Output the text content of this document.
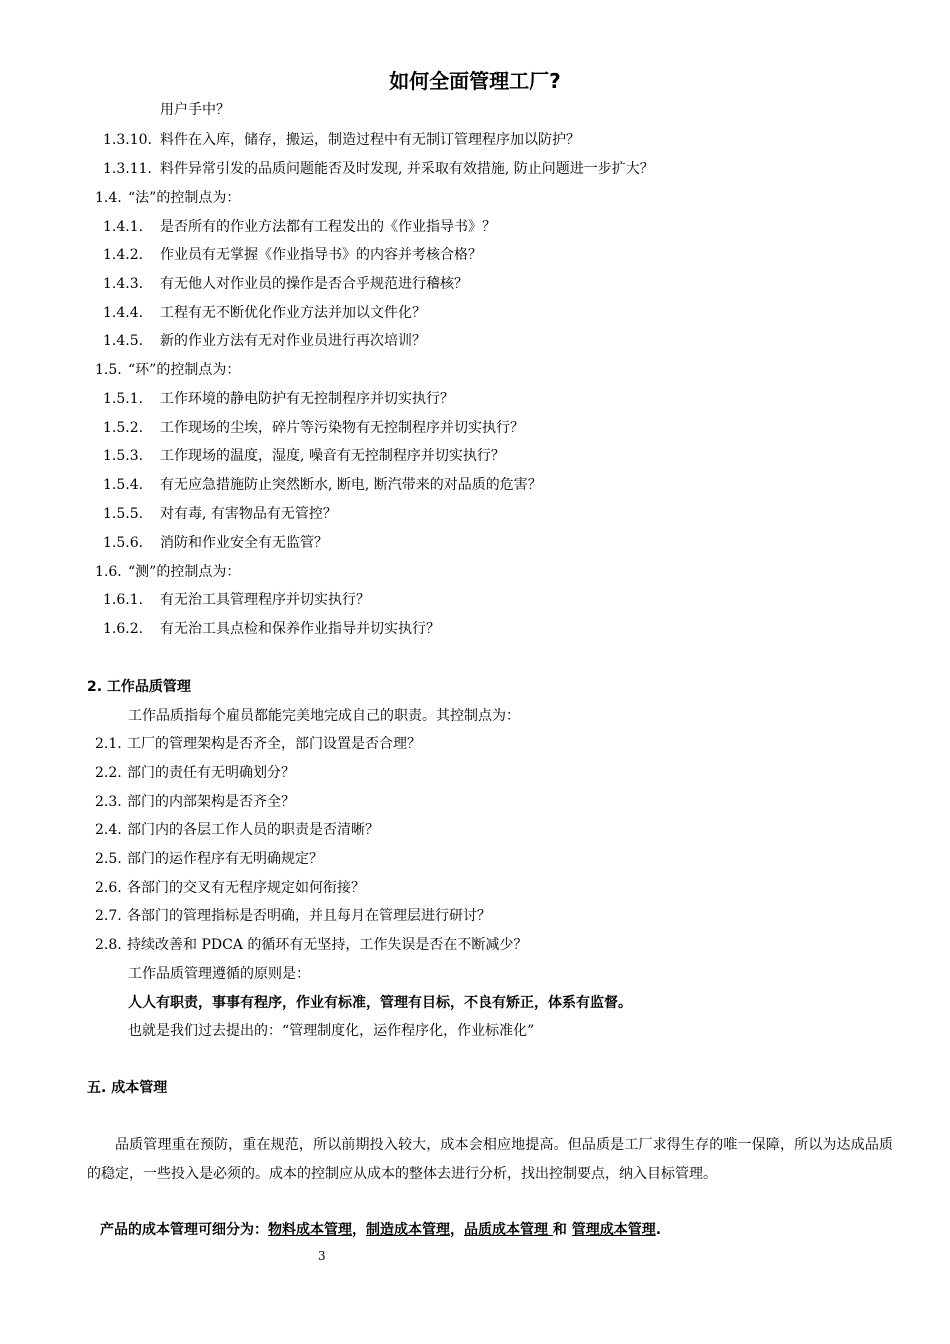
如何全面管理工厂?
用户手中？
1.3.10. 料件在入库，储存，搬运，制造过程中有无制订管理程序加以防护？
1.3.11. 料件异常引发的品质问题能否及时发现, 并采取有效措施, 防止问题进一步扩大？
1.4. “法”的控制点为：
1.4.1. 是否所有的作业方法都有工程发出的《作业指导书》？
1.4.2. 作业员有无掌握《作业指导书》的内容并考核合格？
1.4.3. 有无他人对作业员的操作是否合乎规范进行稽核？
1.4.4. 工程有无不断优化作业方法并加以文件化？
1.4.5. 新的作业方法有无对作业员进行再次培训？
1.5. “环”的控制点为：
1.5.1. 工作环境的静电防护有无控制程序并切实执行？
1.5.2. 工作现场的尘埃，碎片等污染物有无控制程序并切实执行？
1.5.3. 工作现场的温度，湿度, 噪音有无控制程序并切实执行？
1.5.4. 有无应急措施防止突然断水, 断电, 断汽带来的对品质的危害？
1.5.5. 对有毒, 有害物品有无管控？
1.5.6. 消防和作业安全有无监管？
1.6. “测”的控制点为：
1.6.1. 有无治工具管理程序并切实执行？
1.6.2. 有无治工具点检和保养作业指导并切实执行？
2. 工作品质管理
工作品质指每个雇员都能完美地完成自己的职责。其控制点为：
2.1. 工厂的管理架构是否齐全，部门设置是否合理？
2.2. 部门的责任有无明确划分？
2.3. 部门的内部架构是否齐全？
2.4. 部门内的各层工作人员的职责是否清晰？
2.5. 部门的运作程序有无明确规定？
2.6. 各部门的交叉有无程序规定如何衔接？
2.7. 各部门的管理指标是否明确，并且每月在管理层进行研讨？
2.8. 持续改善和 PDCA 的循环有无坚持，工作失误是否在不断减少？
工作品质管理遵循的原则是：
人人有职责，事事有程序，作业有标准，管理有目标，不良有矫正，体系有监督。
也就是我们过去提出的：“管理制度化，运作程序化，作业标准化”
五. 成本管理
品质管理重在预防，重在规范，所以前期投入较大，成本会相应地提高。但品质是工厂求得生存的唯一保障，所以为达成品质的稳定，一些投入是必须的。成本的控制应从成本的整体去进行分析，找出控制要点，纳入目标管理。
产品的成本管理可细分为：物料成本管理，制造成本管理，品质成本管理 和 管理成本管理.
3
